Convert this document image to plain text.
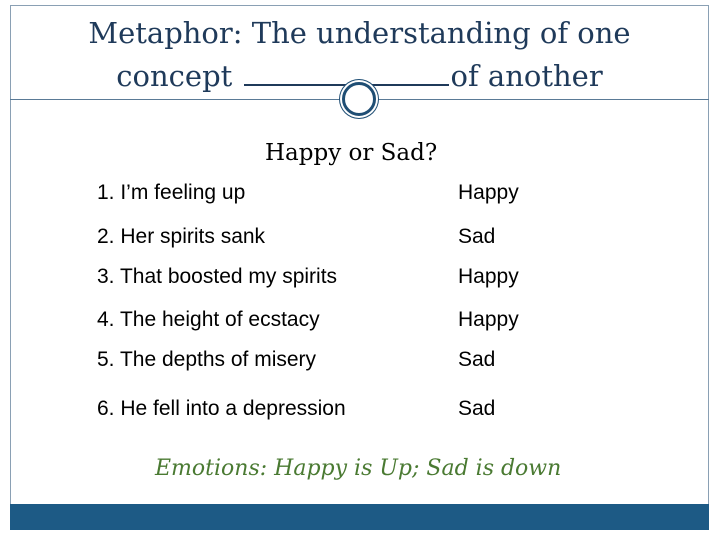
Metaphor: The understanding of one
concept	of another
Happy or Sad?
1. I’m feeling up	Happy
2. Her spirits sank	Sad
3. That boosted my spirits	Happy
4. The height of ecstacy	Happy
5. The depths of misery	Sad
6. He fell into a depression	Sad
Emotions: Happy is Up; Sad is down
